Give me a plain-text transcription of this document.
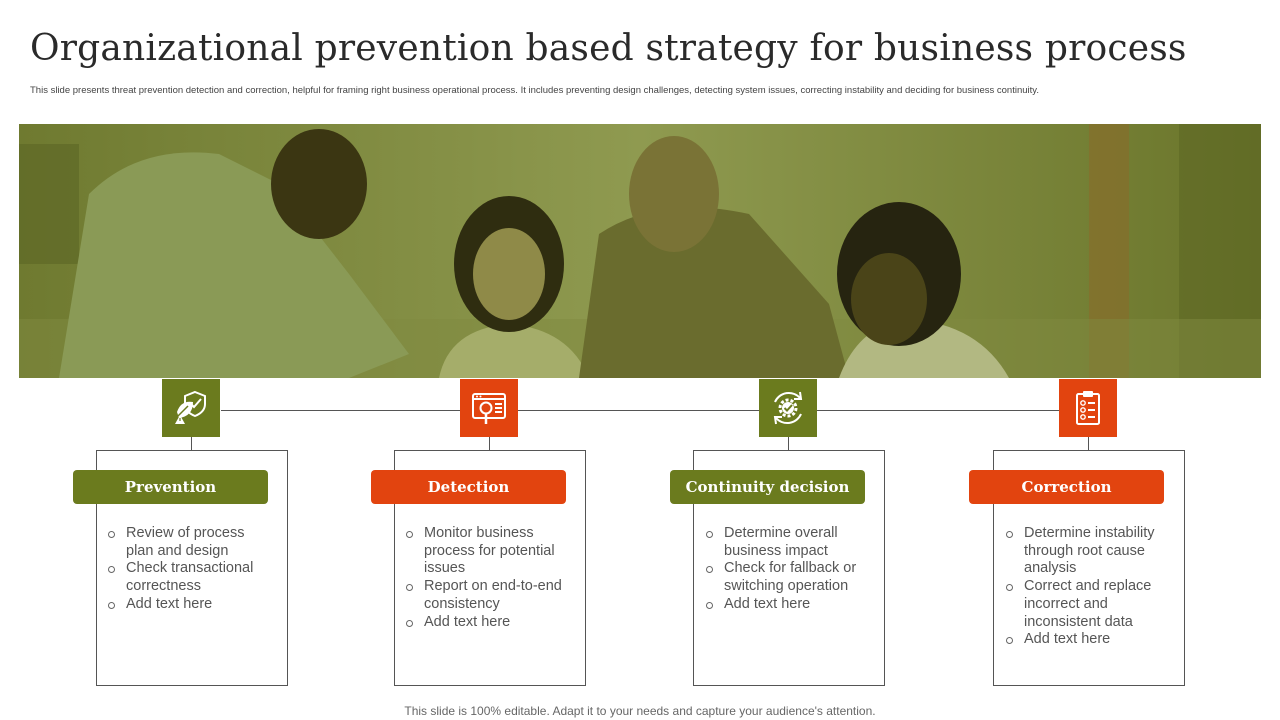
Organizational prevention based strategy for business process

This slide presents threat prevention detection and correction, helpful for framing right business operational process. It includes preventing design challenges, detecting system issues, correcting instability and deciding for business continuity.

Prevention
Review of process plan and design
Check transactional correctness
Add text here
Detection
Monitor business process for potential issues
Report on end-to-end consistency
Add text here
Continuity decision
Determine overall business impact
Check for fallback or switching operation
Add text here
Correction
Determine instability through root cause analysis
Correct and replace incorrect and inconsistent data
Add text here
This slide is 100% editable. Adapt it to your needs and capture your audience's attention.
